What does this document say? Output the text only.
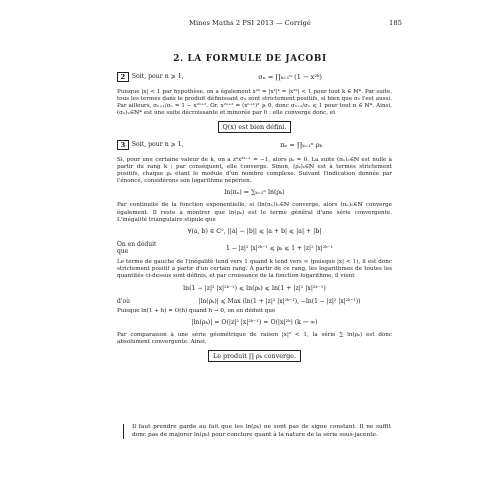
Mines Maths 2 PSI 2013 — Corrigé	185
2. LA FORMULE DE JACOBI
2	Soit, pour n ⩾ 1,	σₙ = ∏ₖ₌₁ⁿ (1 − x²ᵏ)

Puisque |x| < 1 par hypothèse, on a également x²ᵏ = |x²|ᵏ = |x²ᵏ| < 1 pour tout k ∈ ℕ*. Par suite, tous les termes dans le produit définissant σₙ sont strictement positifs, si bien que σₙ l'est aussi. Par ailleurs, σₙ₊₁/σₙ = 1 − x²ⁿ⁺². Or, x²ⁿ⁺² = (xⁿ⁺¹)² ⩾ 0, donc σₙ₊₁/σₙ ⩽ 1 pour tout n ∈ ℕ*. Ainsi, (σₙ)ₙ∈ℕ* est une suite décroissante et minorée par 0 : elle converge donc, et

Q(x) est bien défini.
3	Soit, pour n ⩾ 1,	πₙ = ∏ₖ₌₁ⁿ ρₖ

Si, pour une certaine valeur de k, on a z²x²ᵏ⁻¹ = −1, alors ρₖ = 0. La suite (πₙ)ₙ∈ℕ est nulle à partir du rang k ; par conséquent, elle converge. Sinon, (ρₖ)ₖ∈ℕ est à termes strictement positifs, chaque ρₖ étant le module d'un nombre complexe. Suivant l'indication donnée par l'énoncé, considérons son logarithme népérien.

ln(πₙ) = ∑ₖ₌₁ⁿ ln(ρₖ)

Par continuité de la fonction exponentielle, si (ln(πₙ))ₙ∈ℕ converge, alors (πₙ)ₙ∈ℕ converge également. Il reste à montrer que ln(ρₖ) est le terme général d'une série convergente. L'inégalité triangulaire stipule que

∀(a, b) ∈ ℂ², ||a| − |b|| ⩽ |a + b| ⩽ |a| + |b|
On en déduit que
1 − |z|² |x|²ᵏ⁻¹ ⩽ ρₖ ⩽ 1 + |z|² |x|²ᵏ⁻¹

Le terme de gauche de l'inégalité tend vers 1 quand k tend vers ∞ (puisque |x| < 1), il est donc strictement positif à partir d'un certain rang. À partir de ce rang, les logarithmes de toutes les quantités ci-dessus sont définis, et par croissance de la fonction logarithme, il vient

ln(1 − |z|² |x|²ᵏ⁻¹) ⩽ ln(ρₖ) ⩽ ln(1 + |z|² |x|²ᵏ⁻¹)
d'où	|ln(ρₖ)| ⩽ Max (ln(1 + |z|² |x|²ᵏ⁻¹), −ln(1 − |z|² |x|²ᵏ⁻¹))

Puisque ln(1 + h) = O(h) quand h → 0, on en déduit que

|ln(ρₖ)| = O(|z|² |x|²ᵏ⁻¹) = O(|x|²ᵏ) (k → ∞)

Par comparaison à une série géométrique de raison |x|² < 1, la série ∑ ln(ρₖ) est donc absolument convergente. Ainsi,

Le produit ∏ ρₖ converge.
Il faut prendre garde au fait que les ln(ρₖ) ne sont pas de signe constant. Il ne suffit donc pas de majorer ln(ρₖ) pour conclure quant à la nature de la série sous-jacente.
